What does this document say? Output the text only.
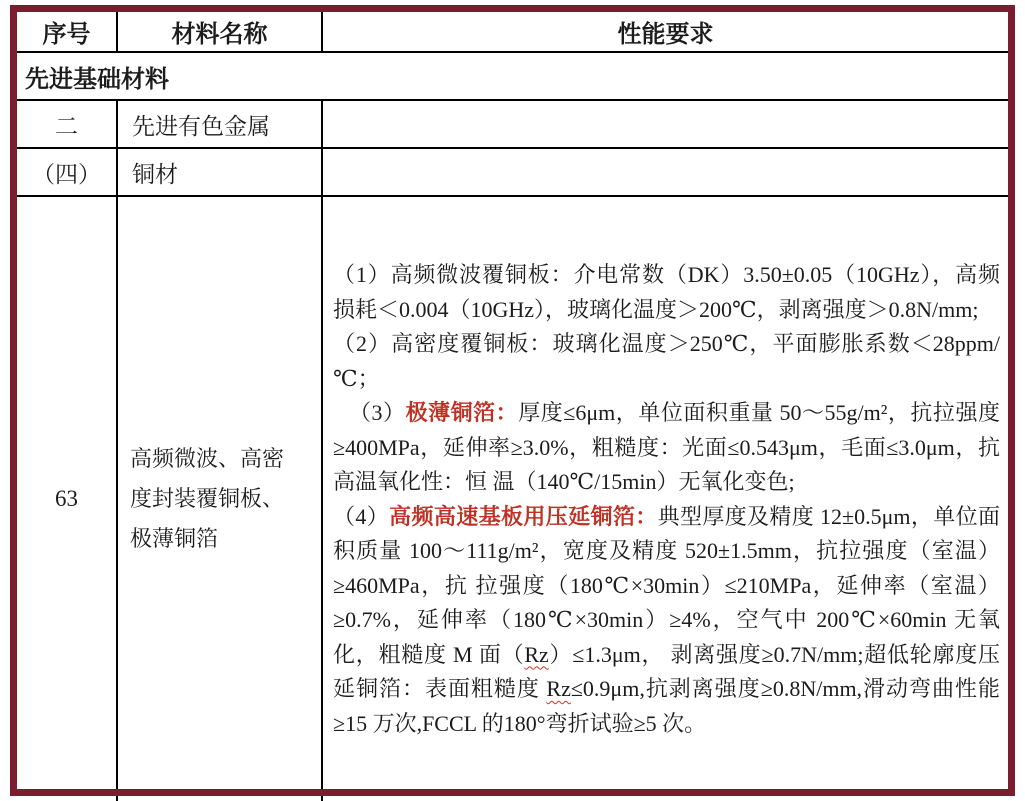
序号	材料名称	性能要求
先进基础材料		
二	先进有色金属	
（四）	铜材	
63	高频微波、高密度封装覆铜板、极薄铜箔	（1）高频微波覆铜板：介电常数（DK）3.50±0.05（10GHz），高频损耗＜0.004（10GHz），玻璃化温度＞200℃，剥离强度＞0.8N/mm;

（2）高密度覆铜板：玻璃化温度＞250℃，平面膨胀系数＜28ppm/℃；

（3）极薄铜箔：厚度≤6μm，单位面积重量 50～55g/m²，抗拉强度≥400MPa，延伸率≥3.0%，粗糙度：光面≤0.543μm，毛面≤3.0μm，抗高温氧化性：恒 温（140℃/15min）无氧化变色;

（4）高频高速基板用压延铜箔：典型厚度及精度 12±0.5μm，单位面积质量 100～111g/m²，宽度及精度 520±1.5mm，抗拉强度（室温）≥460MPa，抗 拉强度（180℃×30min）≤210MPa，延伸率（室温）≥0.7%，延伸率（180℃×30min）≥4%，空气中 200℃×60min 无氧化，粗糙度 M 面（Rz）≤1.3μm， 剥离强度≥0.7N/mm;超低轮廓度压延铜箔：表面粗糙度 Rz≤0.9μm,抗剥离强度≥0.8N/mm,滑动弯曲性能≥15 万次,FCCL 的180°弯折试验≥5 次。
